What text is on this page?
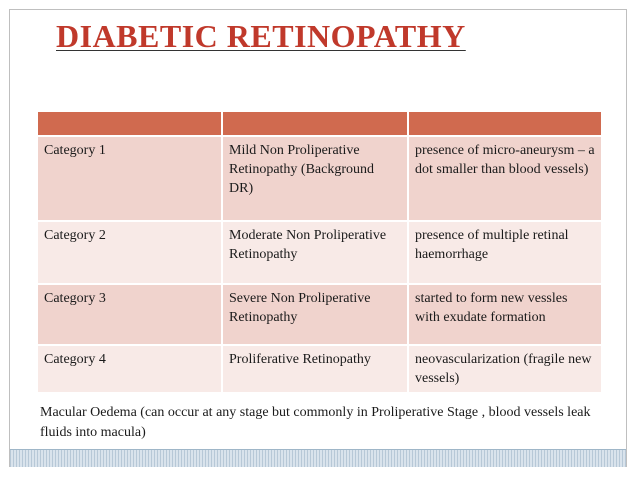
DIABETIC RETINOPATHY

Category 1	Mild Non Proliperative Retinopathy (Background DR)	presence of micro-aneurysm – a dot smaller than blood vessels)
Category 2	Moderate Non Proliperative Retinopathy	presence of multiple retinal haemorrhage
Category 3	Severe Non Proliperative Retinopathy	started to form new vessles with exudate formation
Category 4	Proliferative Retinopathy	neovascularization (fragile new vessels)

Macular Oedema (can occur at any stage but commonly in Proliperative Stage , blood vessels leak fluids into macula)
